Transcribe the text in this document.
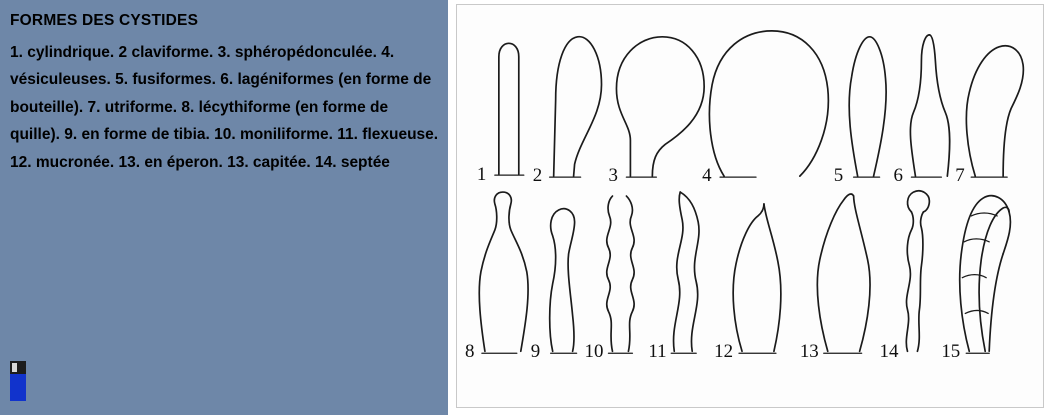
FORMES DES CYSTIDES
1. cylindrique. 2 claviforme. 3. sphéropédonculée. 4. vésiculeuses. 5. fusiformes. 6. lagéniformes (en forme de bouteille). 7. utriforme. 8. lécythiforme (en forme de quille). 9. en forme de tibia. 10. moniliforme. 11. flexueuse. 12. mucronée. 13. en éperon. 13. capitée. 14. septée
1 2	3	4	5	6	7
8	9 10 11	12	13	14 15
